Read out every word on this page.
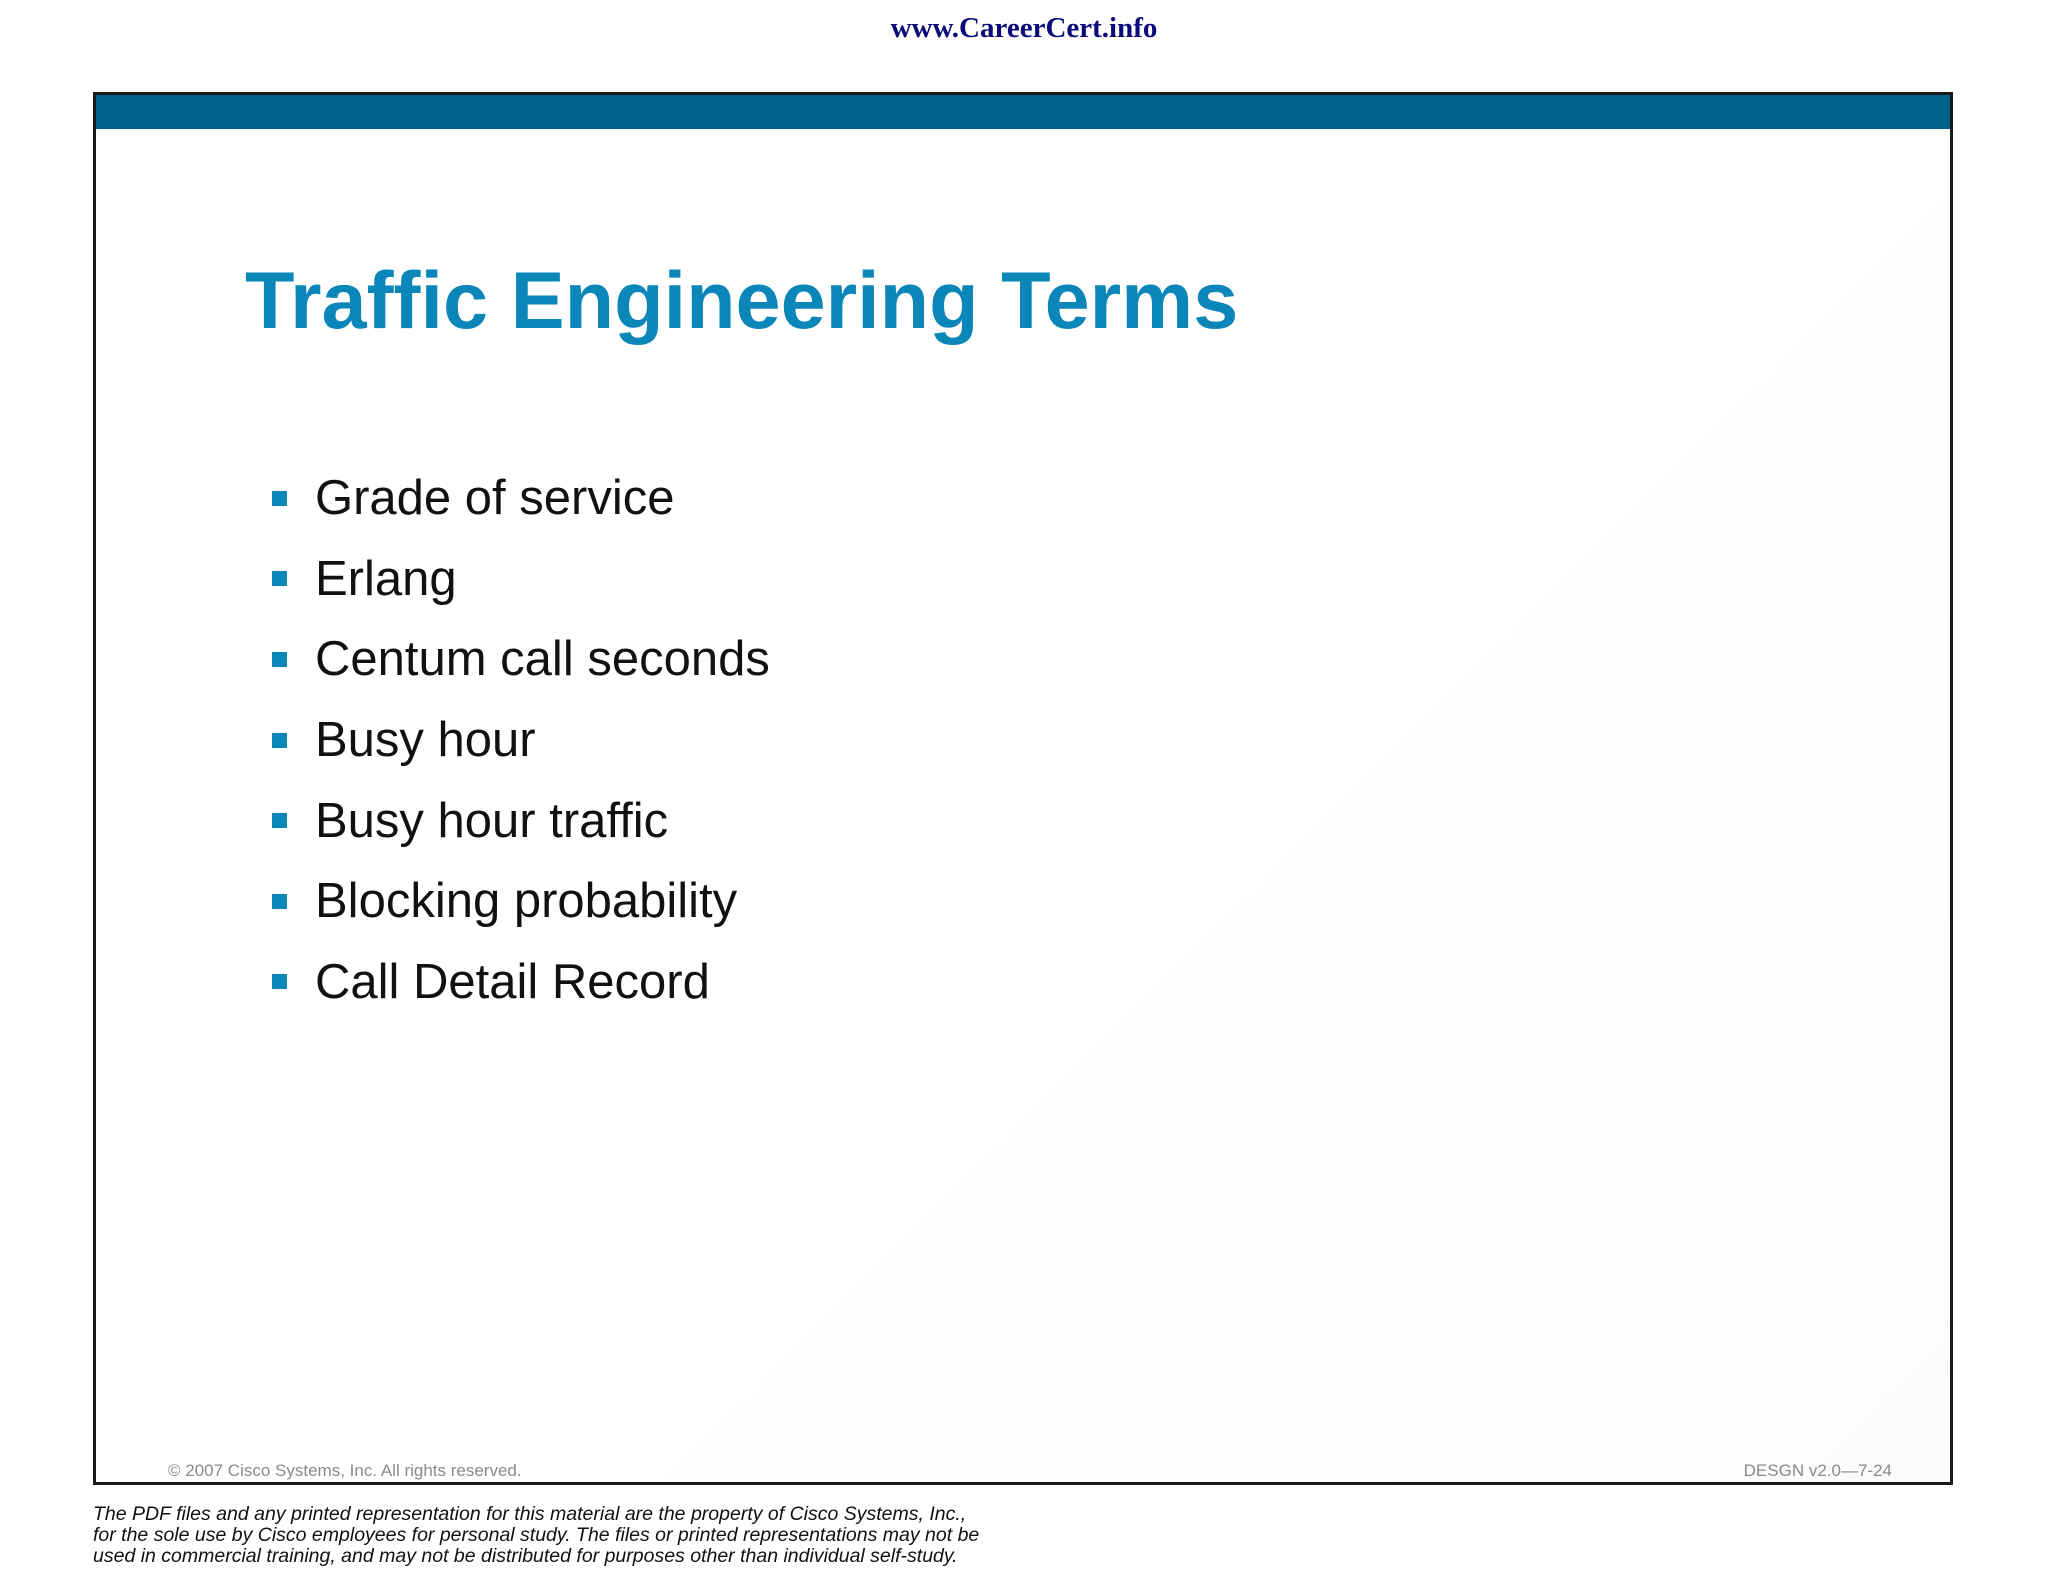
www.CareerCert.info
Traffic Engineering Terms
Grade of service
Erlang
Centum call seconds
Busy hour
Busy hour traffic
Blocking probability
Call Detail Record
© 2007 Cisco Systems, Inc. All rights reserved.	DESGN v2.0—7-24
The PDF files and any printed representation for this material are the property of Cisco Systems, Inc.,
for the sole use by Cisco employees for personal study. The files or printed representations may not be
used in commercial training, and may not be distributed for purposes other than individual self-study.
